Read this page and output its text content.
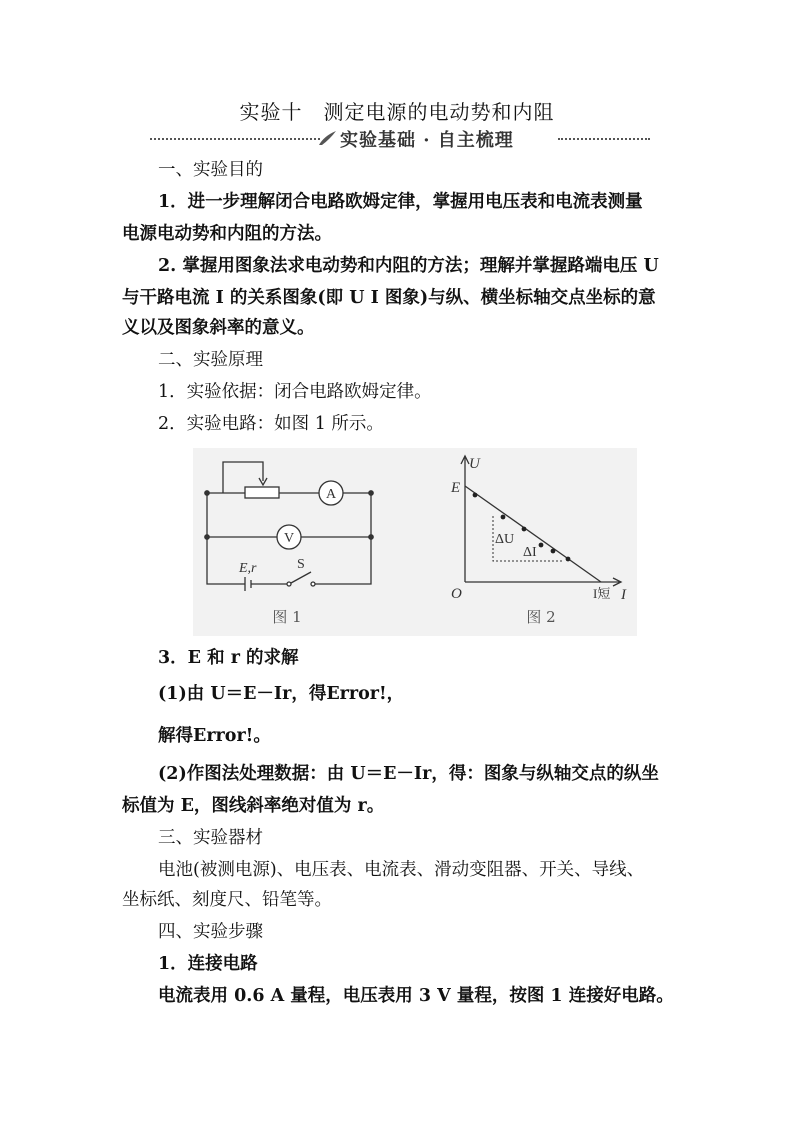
实验十　测定电源的电动势和内阻
实验基础 · 自主梳理
一、实验目的
1．进一步理解闭合电路欧姆定律，掌握用电压表和电流表测量
电源电动势和内阻的方法。
2. 掌握用图象法求电动势和内阻的方法；理解并掌握路端电压 U
与干路电流 I 的关系图象(即 U I 图象)与纵、横坐标轴交点坐标的意
义以及图象斜率的意义。
二、实验原理
1．实验依据：闭合电路欧姆定律。
2．实验电路：如图 1 所示。
A
V
E,r	S
图 1
U
E
O
ΔU
ΔI
I短 I
图 2
3．E 和 r 的求解
(1)由 U＝E－Ir，得Error!，
解得Error!。
(2)作图法处理数据：由 U＝E－Ir，得：图象与纵轴交点的纵坐
标值为 E，图线斜率绝对值为 r。
三、实验器材
电池(被测电源)、电压表、电流表、滑动变阻器、开关、导线、
坐标纸、刻度尺、铅笔等。
四、实验步骤
1．连接电路
电流表用 0.6 A 量程，电压表用 3 V 量程，按图 1 连接好电路。
